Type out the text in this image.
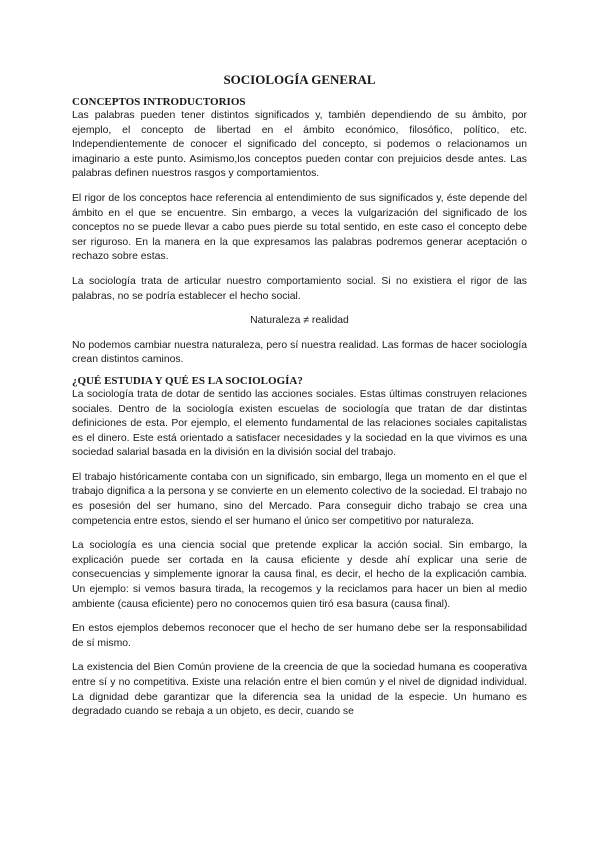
SOCIOLOGÍA GENERAL
CONCEPTOS INTRODUCTORIOS

Las palabras pueden tener distintos significados y, también dependiendo de su ámbito, por ejemplo, el concepto de libertad en el ámbito económico, filosófico, político, etc. Independientemente de conocer el significado del concepto, si podemos o relacionamos un imaginario a este punto. Asimismo,los conceptos pueden contar con prejuicios desde antes. Las palabras definen nuestros rasgos y comportamientos.

El rigor de los conceptos hace referencia al entendimiento de sus significados y, éste depende del ámbito en el que se encuentre. Sin embargo, a veces la vulgarización del significado de los conceptos no se puede llevar a cabo pues pierde su total sentido, en este caso el concepto debe ser riguroso. En la manera en la que expresamos las palabras podremos generar aceptación o rechazo sobre estas.

La sociología trata de articular nuestro comportamiento social. Si no existiera el rigor de las palabras, no se podría establecer el hecho social.

Naturaleza ≠ realidad

No podemos cambiar nuestra naturaleza, pero sí nuestra realidad. Las formas de hacer sociología crean distintos caminos.

¿QUÉ ESTUDIA Y QUÉ ES LA SOCIOLOGÍA?

La sociología trata de dotar de sentido las acciones sociales. Estas últimas construyen relaciones sociales. Dentro de la sociología existen escuelas de sociología que tratan de dar distintas definiciones de esta. Por ejemplo, el elemento fundamental de las relaciones sociales capitalistas es el dinero. Este está orientado a satisfacer necesidades y la sociedad en la que vivimos es una sociedad salarial basada en la división en la división social del trabajo.

El trabajo históricamente contaba con un significado, sin embargo, llega un momento en el que el trabajo dignifica a la persona y se convierte en un elemento colectivo de la sociedad. El trabajo no es posesión del ser humano, sino del Mercado. Para conseguir dicho trabajo se crea una competencia entre estos, siendo el ser humano el único ser competitivo por naturaleza.

La sociología es una ciencia social que pretende explicar la acción social. Sin embargo, la explicación puede ser cortada en la causa eficiente y desde ahí explicar una serie de consecuencias y simplemente ignorar la causa final, es decir, el hecho de la explicación cambia. Un ejemplo: si vemos basura tirada, la recogemos y la reciclamos para hacer un bien al medio ambiente (causa eficiente) pero no conocemos quien tiró esa basura (causa final).

En estos ejemplos debemos reconocer que el hecho de ser humano debe ser la responsabilidad de sí mismo.

La existencia del Bien Común proviene de la creencia de que la sociedad humana es cooperativa entre sí y no competitiva. Existe una relación entre el bien común y el nivel de dignidad individual. La dignidad debe garantizar que la diferencia sea la unidad de la especie. Un humano es degradado cuando se rebaja a un objeto, es decir, cuando se
